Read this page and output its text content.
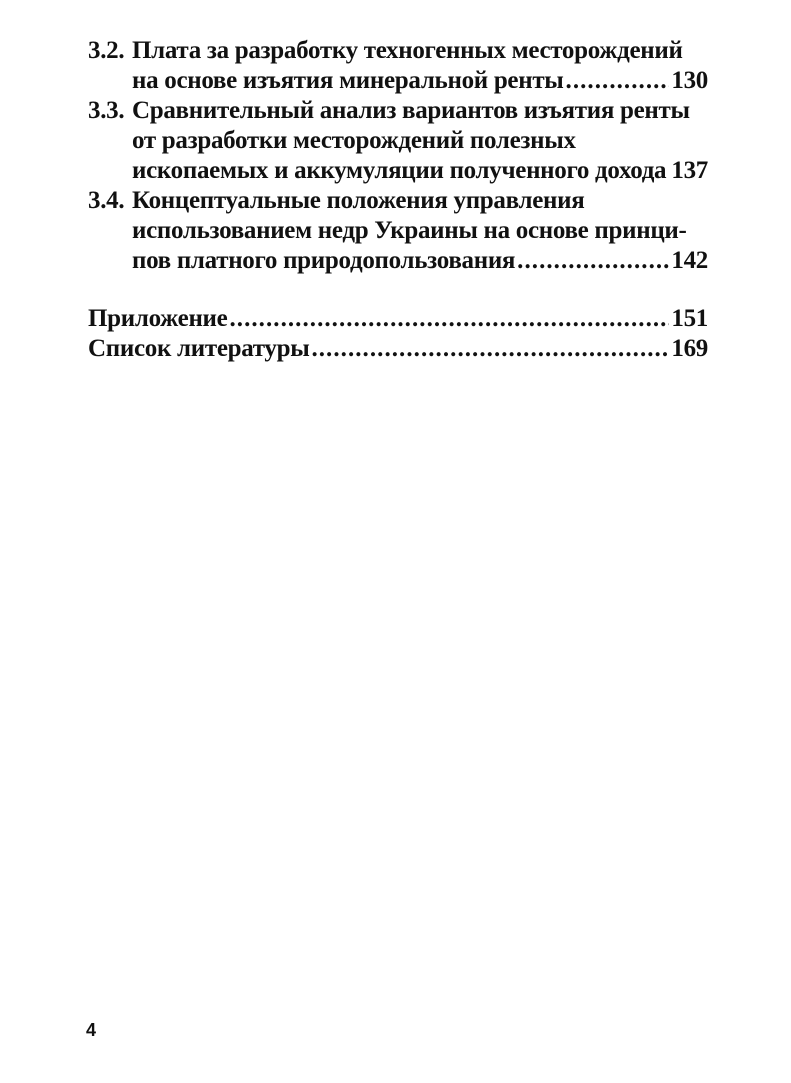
3.2. Плата за разработку техногенных месторождений
на основе изъятия минеральной ренты . . .	130
3.3. Сравнительный анализ вариантов изъятия ренты
от разработки месторождений полезных
ископаемых и аккумуляции полученного дохода . . . 137
3.4. Концептуальные положения управления
использованием недр Украины на основе принци-
пов платного природопользования . . .	142
Приложение . . .	151
Список литературы . . .	169
4
